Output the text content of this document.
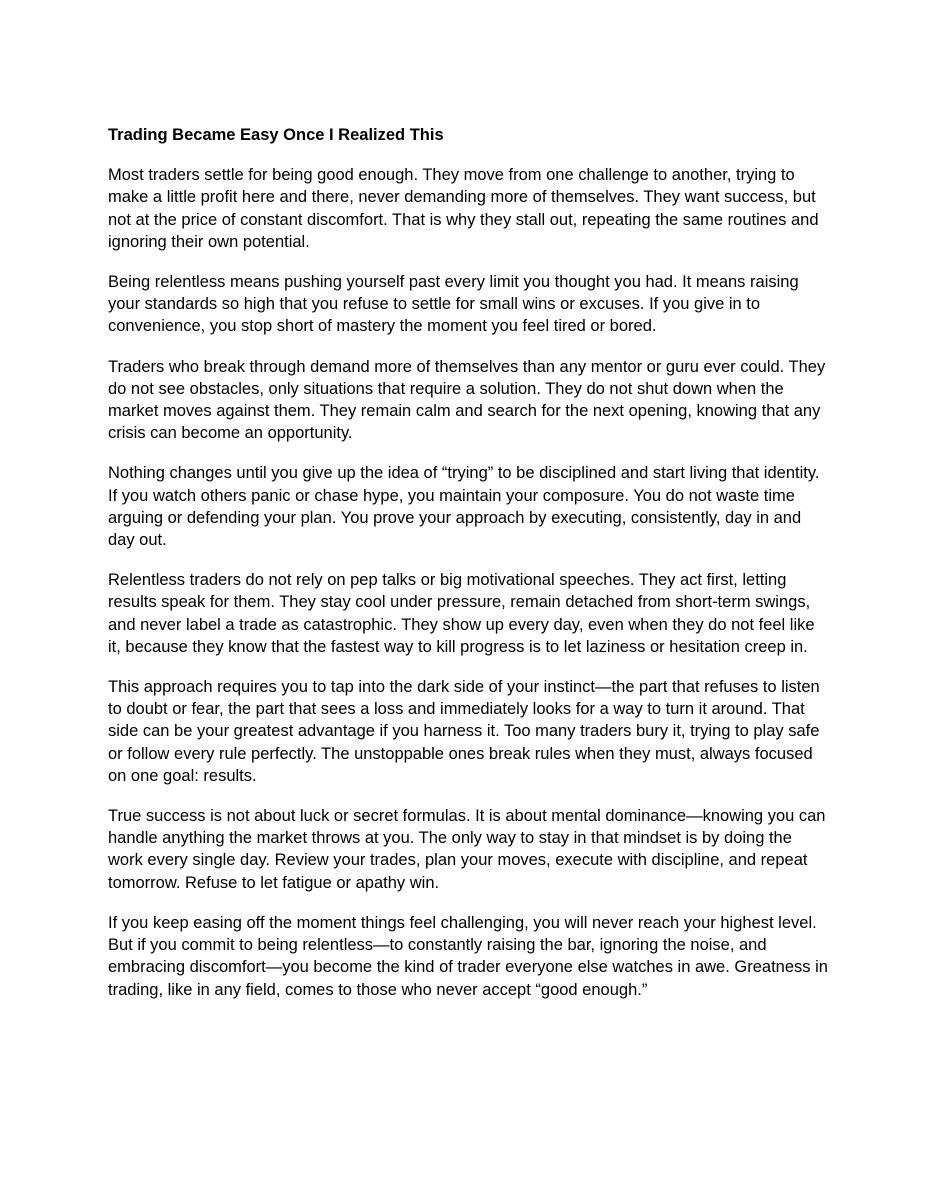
Trading Became Easy Once I Realized This

Most traders settle for being good enough. They move from one challenge to another, trying to make a little profit here and there, never demanding more of themselves. They want success, but not at the price of constant discomfort. That is why they stall out, repeating the same routines and ignoring their own potential.

Being relentless means pushing yourself past every limit you thought you had. It means raising your standards so high that you refuse to settle for small wins or excuses. If you give in to convenience, you stop short of mastery the moment you feel tired or bored.

Traders who break through demand more of themselves than any mentor or guru ever could. They do not see obstacles, only situations that require a solution. They do not shut down when the market moves against them. They remain calm and search for the next opening, knowing that any crisis can become an opportunity.

Nothing changes until you give up the idea of “trying” to be disciplined and start living that identity. If you watch others panic or chase hype, you maintain your composure. You do not waste time arguing or defending your plan. You prove your approach by executing, consistently, day in and day out.

Relentless traders do not rely on pep talks or big motivational speeches. They act first, letting results speak for them. They stay cool under pressure, remain detached from short-term swings, and never label a trade as catastrophic. They show up every day, even when they do not feel like it, because they know that the fastest way to kill progress is to let laziness or hesitation creep in.

This approach requires you to tap into the dark side of your instinct—the part that refuses to listen to doubt or fear, the part that sees a loss and immediately looks for a way to turn it around. That side can be your greatest advantage if you harness it. Too many traders bury it, trying to play safe or follow every rule perfectly. The unstoppable ones break rules when they must, always focused on one goal: results.

True success is not about luck or secret formulas. It is about mental dominance—knowing you can handle anything the market throws at you. The only way to stay in that mindset is by doing the work every single day. Review your trades, plan your moves, execute with discipline, and repeat tomorrow. Refuse to let fatigue or apathy win.

If you keep easing off the moment things feel challenging, you will never reach your highest level. But if you commit to being relentless—to constantly raising the bar, ignoring the noise, and embracing discomfort—you become the kind of trader everyone else watches in awe. Greatness in trading, like in any field, comes to those who never accept “good enough.”
